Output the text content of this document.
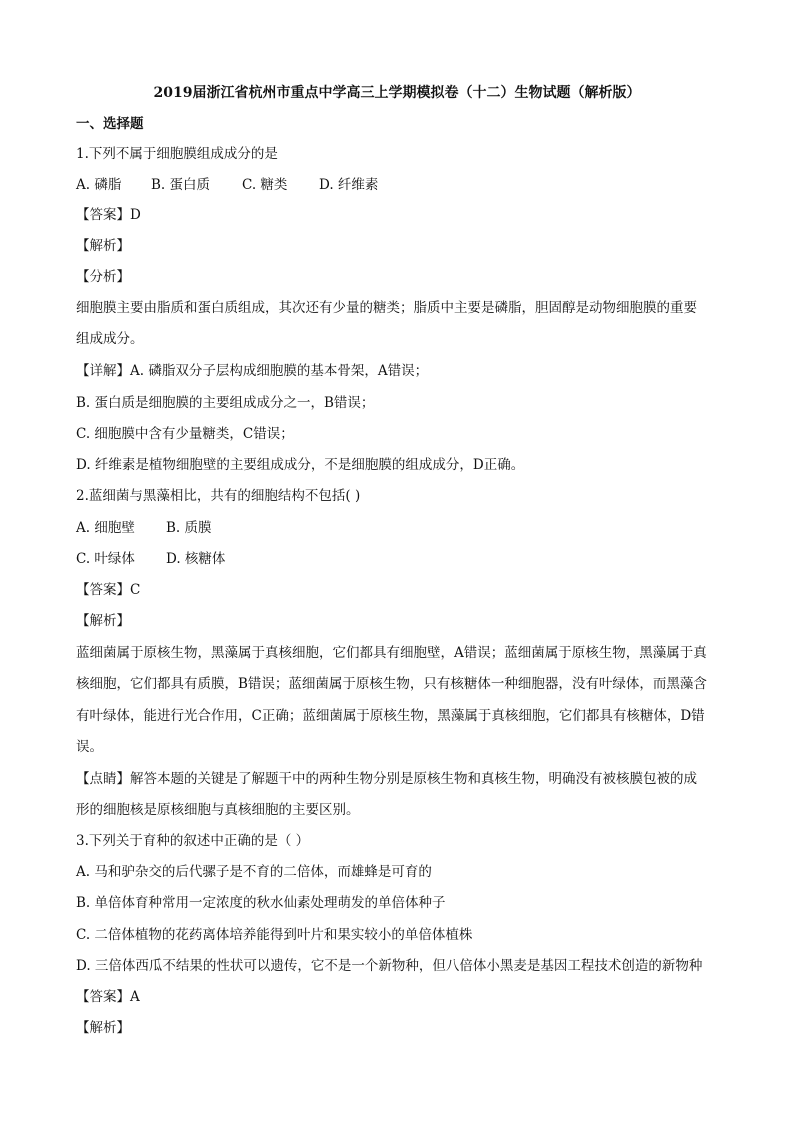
2019届浙江省杭州市重点中学高三上学期模拟卷（十二）生物试题（解析版）
一、选择题
1.下列不属于细胞膜组成成分的是
A. 磷脂 B. 蛋白质 C. 糖类 D. 纤维素
【答案】D
【解析】
【分析】
细胞膜主要由脂质和蛋白质组成，其次还有少量的糖类；脂质中主要是磷脂，胆固醇是动物细胞膜的重要
组成成分。
【详解】A. 磷脂双分子层构成细胞膜的基本骨架，A错误；
B. 蛋白质是细胞膜的主要组成成分之一，B错误；
C. 细胞膜中含有少量糖类，C错误；
D. 纤维素是植物细胞壁的主要组成成分，不是细胞膜的组成成分，D正确。
2.蓝细菌与黑藻相比，共有的细胞结构不包括( )
A. 细胞壁 B. 质膜
C. 叶绿体 D. 核糖体
【答案】C
【解析】
蓝细菌属于原核生物，黑藻属于真核细胞，它们都具有细胞壁，A错误；蓝细菌属于原核生物，黑藻属于真
核细胞，它们都具有质膜，B错误；蓝细菌属于原核生物，只有核糖体一种细胞器，没有叶绿体，而黑藻含
有叶绿体，能进行光合作用，C正确；蓝细菌属于原核生物，黑藻属于真核细胞，它们都具有核糖体，D错
误。
【点睛】解答本题的关键是了解题干中的两种生物分别是原核生物和真核生物，明确没有被核膜包被的成
形的细胞核是原核细胞与真核细胞的主要区别。
3.下列关于育种的叙述中正确的是（ ）
A. 马和驴杂交的后代骡子是不育的二倍体，而雄蜂是可育的
B. 单倍体育种常用一定浓度的秋水仙素处理萌发的单倍体种子
C. 二倍体植物的花药离体培养能得到叶片和果实较小的单倍体植株
D. 三倍体西瓜不结果的性状可以遗传，它不是一个新物种，但八倍体小黑麦是基因工程技术创造的新物种
【答案】A
【解析】
